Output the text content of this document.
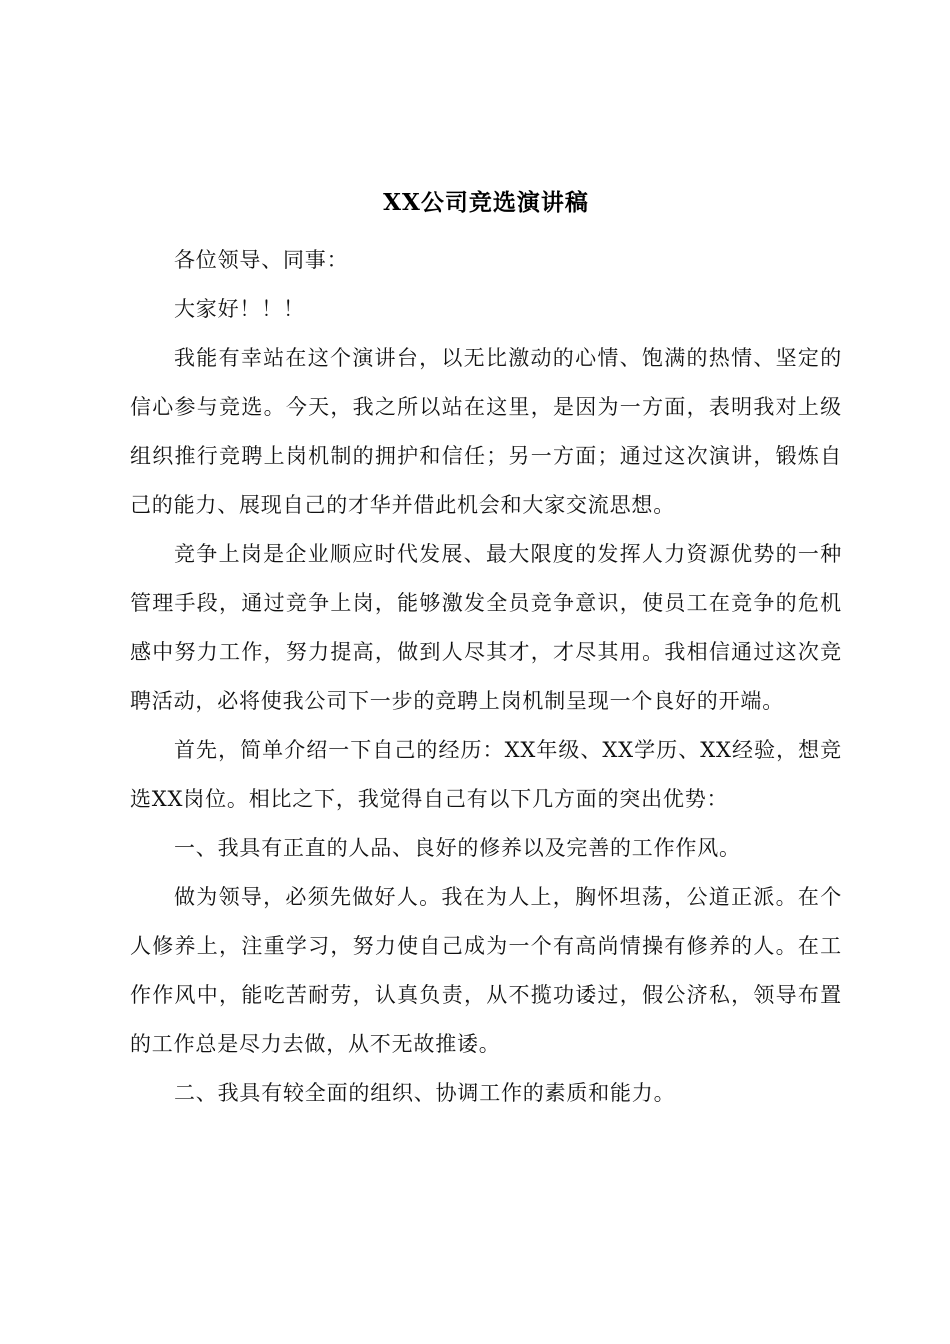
XX公司竞选演讲稿

各位领导、同事：

大家好！！！

我能有幸站在这个演讲台，以无比激动的心情、饱满的热情、坚定的信心参与竞选。今天，我之所以站在这里，是因为一方面，表明我对上级组织推行竞聘上岗机制的拥护和信任；另一方面；通过这次演讲，锻炼自己的能力、展现自己的才华并借此机会和大家交流思想。

竞争上岗是企业顺应时代发展、最大限度的发挥人力资源优势的一种管理手段，通过竞争上岗，能够激发全员竞争意识，使员工在竞争的危机感中努力工作，努力提高，做到人尽其才，才尽其用。我相信通过这次竞聘活动，必将使我公司下一步的竞聘上岗机制呈现一个良好的开端。

首先，简单介绍一下自己的经历：XX年级、XX学历、XX经验，想竞选XX岗位。相比之下，我觉得自己有以下几方面的突出优势：

一、我具有正直的人品、良好的修养以及完善的工作作风。

做为领导，必须先做好人。我在为人上，胸怀坦荡，公道正派。在个人修养上，注重学习，努力使自己成为一个有高尚情操有修养的人。在工作作风中，能吃苦耐劳，认真负责，从不揽功诿过，假公济私，领导布置的工作总是尽力去做，从不无故推诿。

二、我具有较全面的组织、协调工作的素质和能力。
